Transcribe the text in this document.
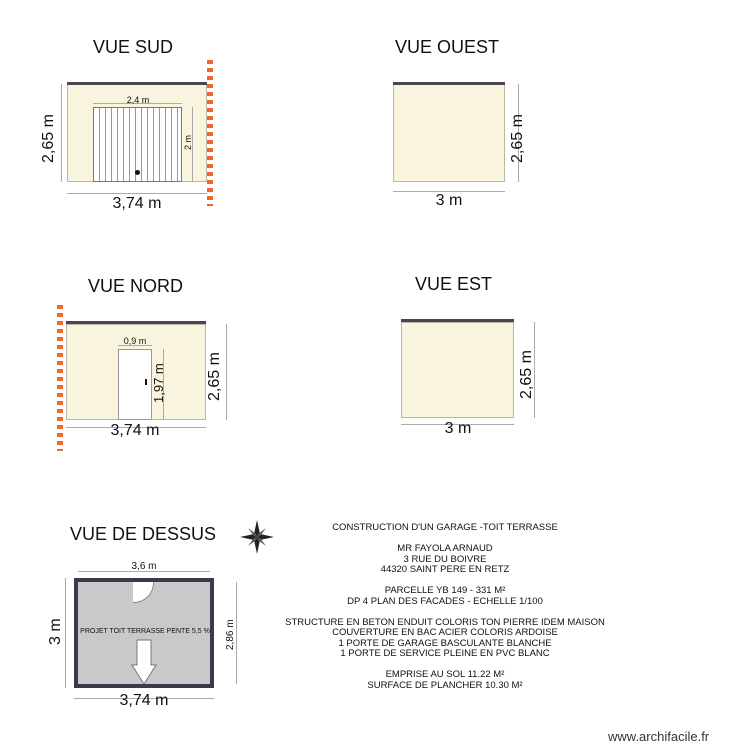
VUE SUD
2,4 m
2 m
3,74 m
2,65 m
VUE OUEST
3 m
2,65 m
VUE NORD
0,9 m
1,97 m
3,74 m
2,65 m
VUE EST
3 m
2,65 m
VUE DE DESSUS
PROJET TOIT TERRASSE PENTE 5,5 %
3,6 m
3,74 m
3 m	2,86 m
CONSTRUCTION D'UN GARAGE -TOIT TERRASSE
MR FAYOLA ARNAUD
3 RUE DU BOIVRE
44320 SAINT PERE EN RETZ
PARCELLE YB 149 - 331 M²
DP 4 PLAN DES FACADES - ECHELLE 1/100
STRUCTURE EN BETON ENDUIT COLORIS TON PIERRE IDEM MAISON
COUVERTURE EN BAC ACIER COLORIS ARDOISE
1 PORTE DE GARAGE BASCULANTE BLANCHE
1 PORTE DE SERVICE PLEINE EN PVC BLANC
EMPRISE AU SOL 11.22 M²
SURFACE DE PLANCHER 10.30 M²
www.archifacile.fr
